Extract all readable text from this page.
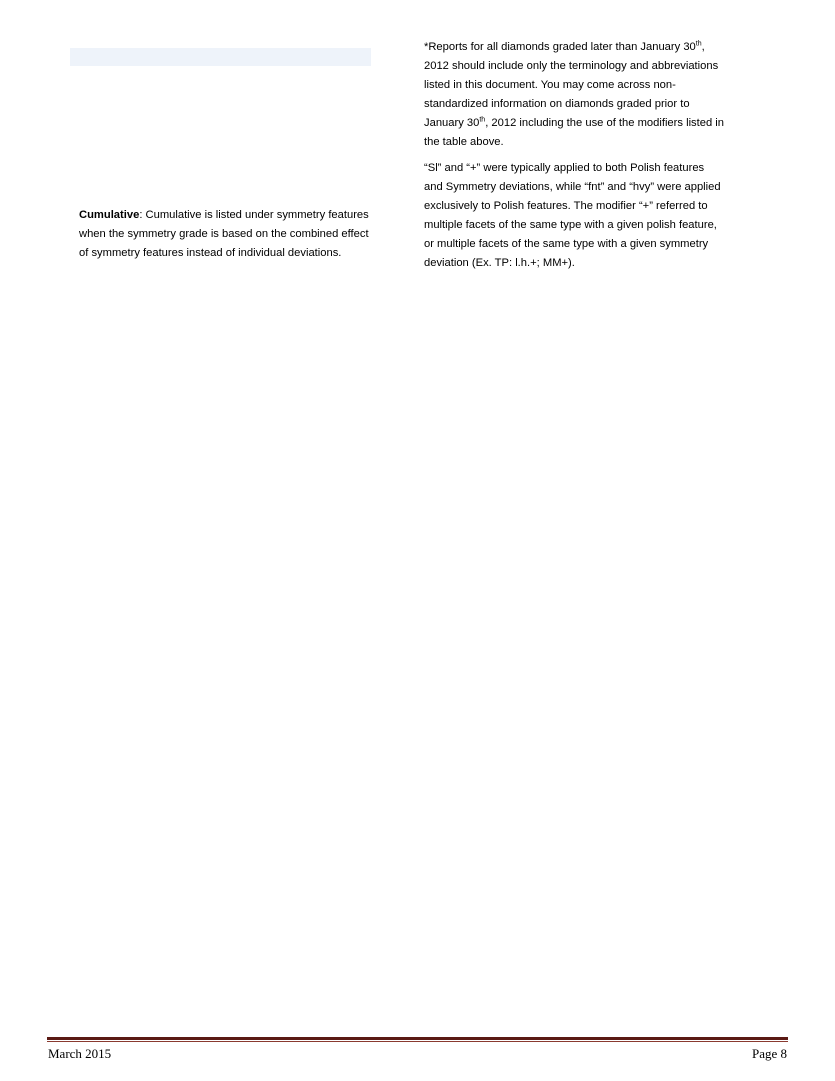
Cumulative: Cumulative is listed under symmetry features when the symmetry grade is based on the combined effect of symmetry features instead of individual deviations.

*Reports for all diamonds graded later than January 30th, 2012 should include only the terminology and abbreviations listed in this document. You may come across non-standardized information on diamonds graded prior to January 30th, 2012 including the use of the modifiers listed in the table above.

“Sl” and “+” were typically applied to both Polish features and Symmetry deviations, while “fnt” and “hvy” were applied exclusively to Polish features. The modifier “+” referred to multiple facets of the same type with a given polish feature, or multiple facets of the same type with a given symmetry deviation (Ex. TP: l.h.+; MM+).

March 2015	Page 8
